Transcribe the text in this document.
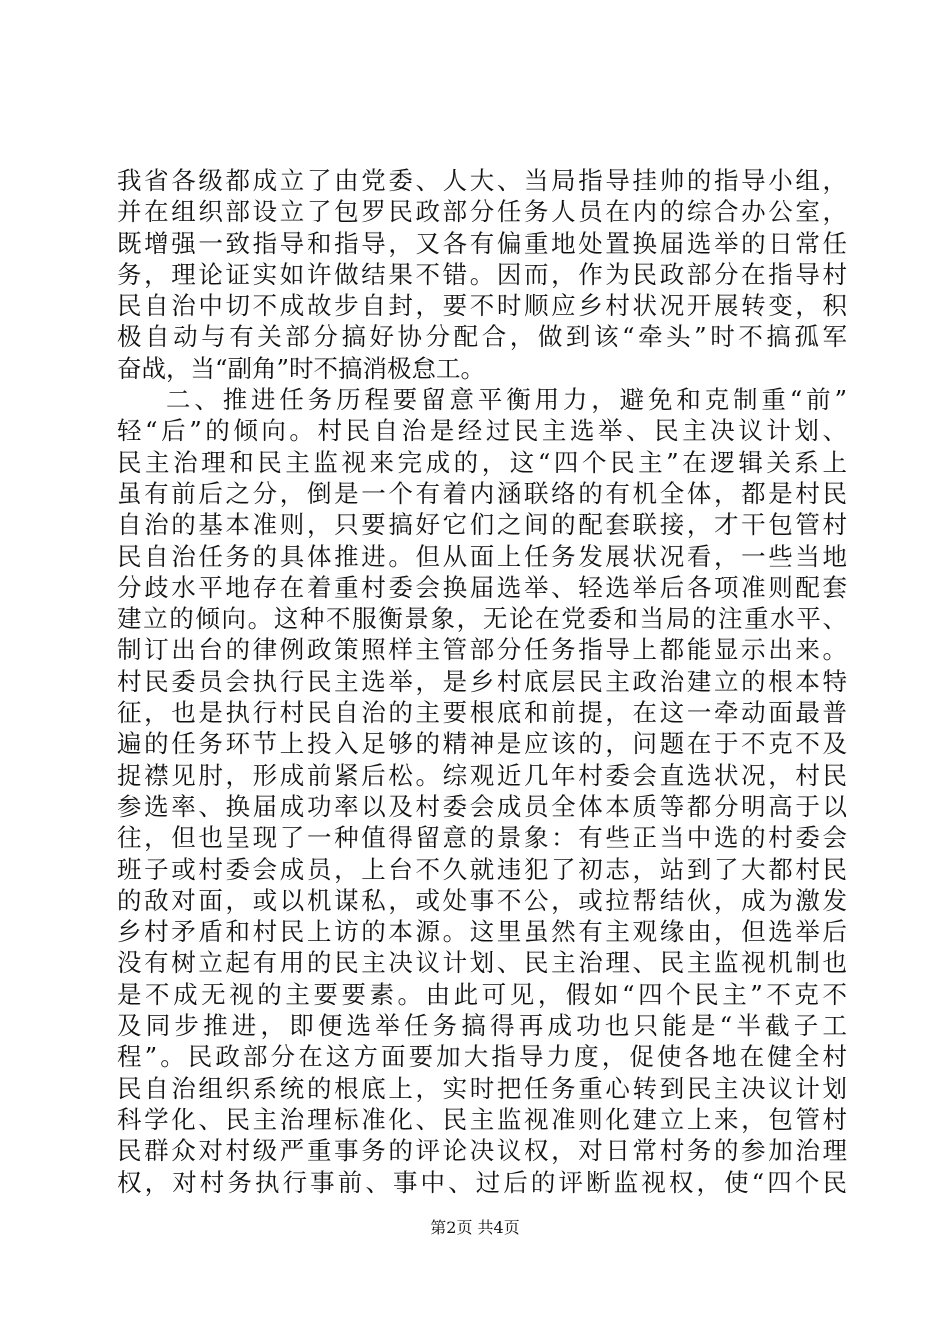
我省各级都成立了由党委、人大、当局指导挂帅的指导小组，
并在组织部设立了包罗民政部分任务人员在内的综合办公室，
既增强一致指导和指导，又各有偏重地处置换届选举的日常任
务，理论证实如许做结果不错。因而，作为民政部分在指导村
民自治中切不成故步自封，要不时顺应乡村状况开展转变，积
极自动与有关部分搞好协分配合，做到该“牵头”时不搞孤军
奋战，当“副角”时不搞消极怠工。
二、推进任务历程要留意平衡用力，避免和克制重“前”
轻“后”的倾向。村民自治是经过民主选举、民主决议计划、
民主治理和民主监视来完成的，这“四个民主”在逻辑关系上
虽有前后之分，倒是一个有着内涵联络的有机全体，都是村民
自治的基本准则，只要搞好它们之间的配套联接，才干包管村
民自治任务的具体推进。但从面上任务发展状况看，一些当地
分歧水平地存在着重村委会换届选举、轻选举后各项准则配套
建立的倾向。这种不服衡景象，无论在党委和当局的注重水平、
制订出台的律例政策照样主管部分任务指导上都能显示出来。
村民委员会执行民主选举，是乡村底层民主政治建立的根本特
征，也是执行村民自治的主要根底和前提，在这一牵动面最普
遍的任务环节上投入足够的精神是应该的，问题在于不克不及
捉襟见肘，形成前紧后松。综观近几年村委会直选状况，村民
参选率、换届成功率以及村委会成员全体本质等都分明高于以
往，但也呈现了一种值得留意的景象：有些正当中选的村委会
班子或村委会成员，上台不久就违犯了初志，站到了大都村民
的敌对面，或以机谋私，或处事不公，或拉帮结伙，成为激发
乡村矛盾和村民上访的本源。这里虽然有主观缘由，但选举后
没有树立起有用的民主决议计划、民主治理、民主监视机制也
是不成无视的主要要素。由此可见，假如“四个民主”不克不
及同步推进，即便选举任务搞得再成功也只能是“半截子工
程”。民政部分在这方面要加大指导力度，促使各地在健全村
民自治组织系统的根底上，实时把任务重心转到民主决议计划
科学化、民主治理标准化、民主监视准则化建立上来，包管村
民群众对村级严重事务的评论决议权，对日常村务的参加治理
权，对村务执行事前、事中、过后的评断监视权，使“四个民
第2页 共4页
